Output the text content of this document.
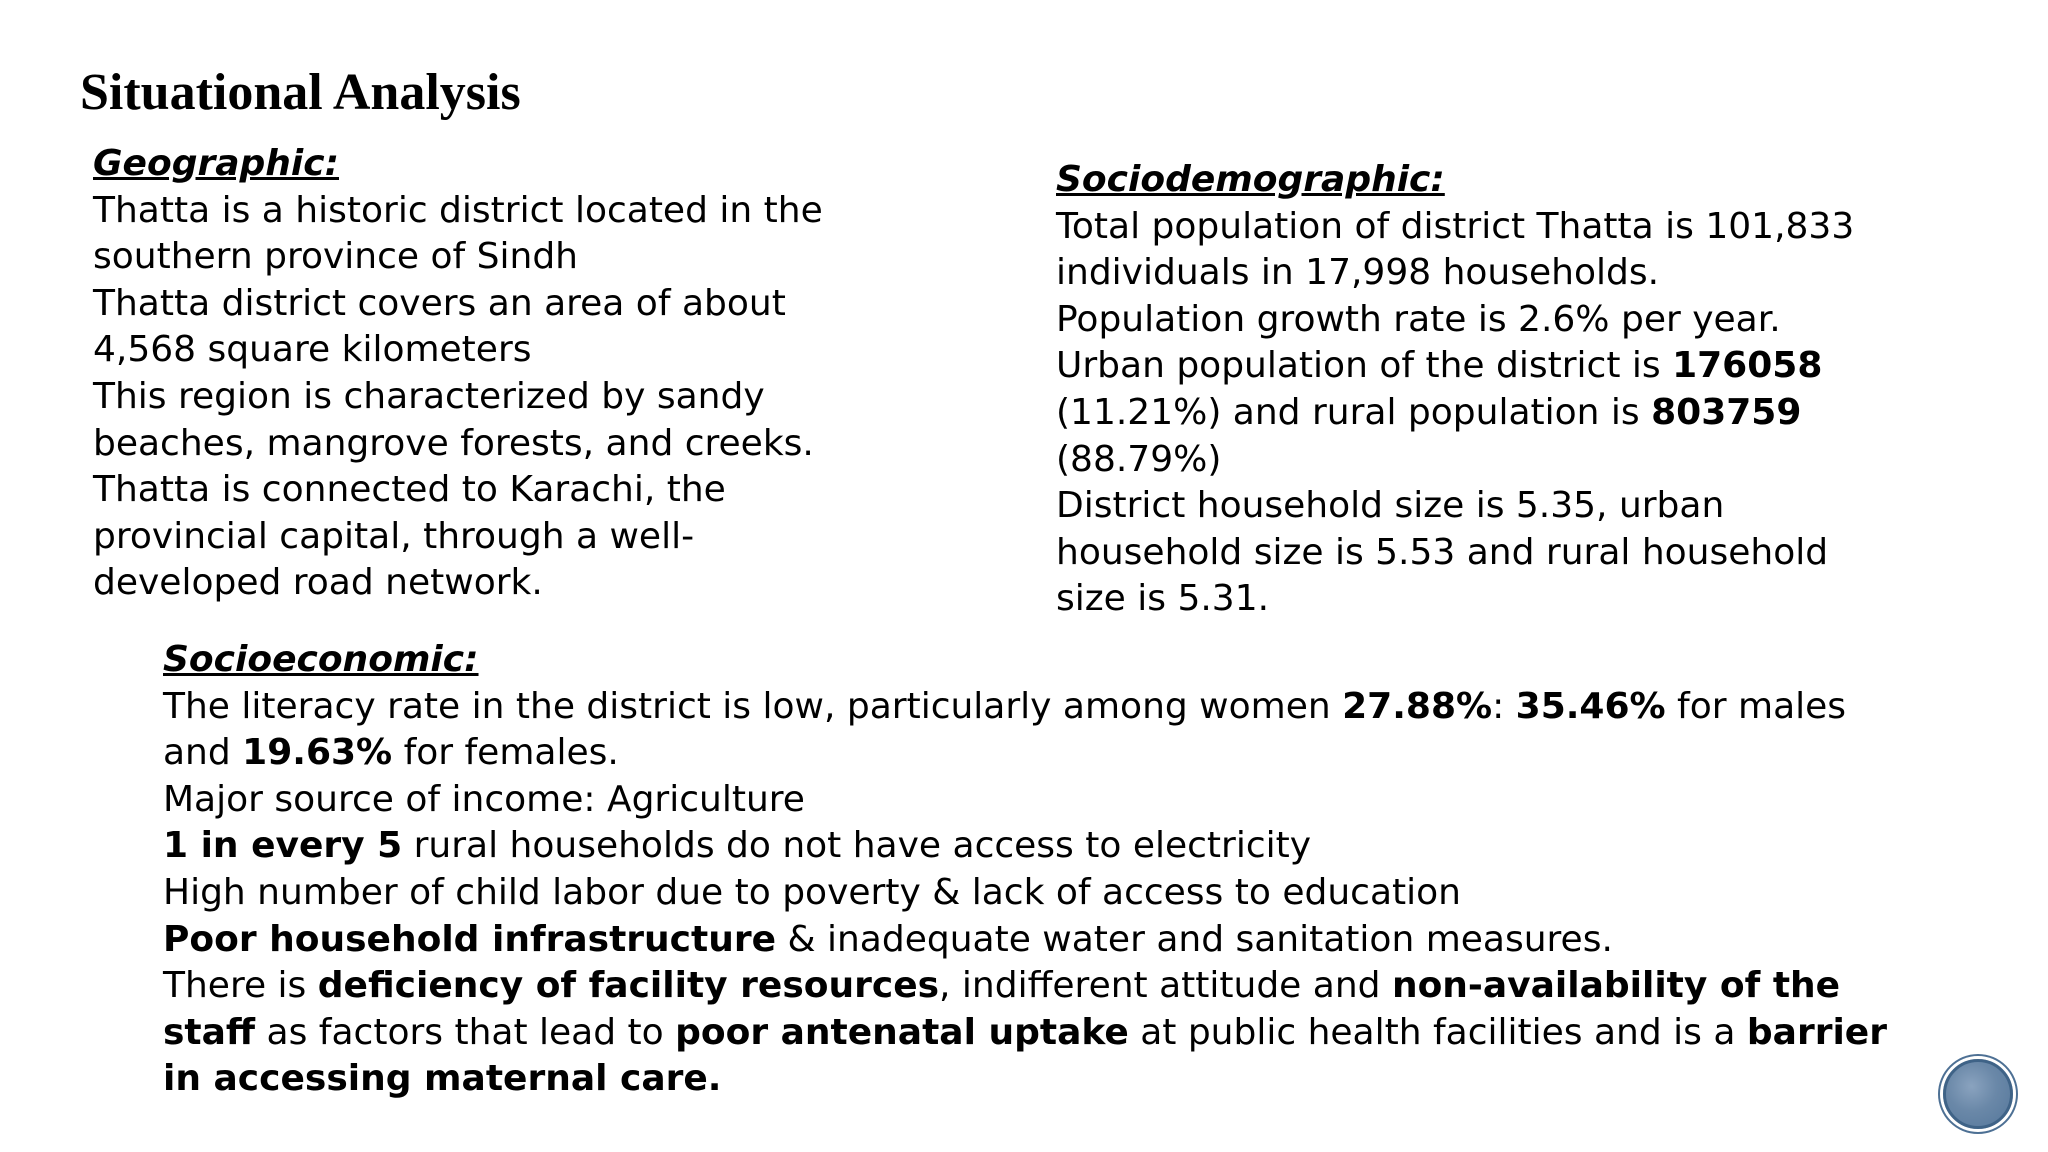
Situational Analysis
Geographic:
Thatta is a historic district located in the
southern province of Sindh
Thatta district covers an area of about
4,568 square kilometers
This region is characterized by sandy
beaches, mangrove forests, and creeks.
Thatta is connected to Karachi, the
provincial capital, through a well-
developed road network.
Sociodemographic:
Total population of district Thatta is 101,833
individuals in 17,998 households.
Population growth rate is 2.6% per year.
Urban population of the district is 176058
(11.21%) and rural population is 803759
(88.79%)
District household size is 5.35, urban
household size is 5.53 and rural household
size is 5.31.
Socioeconomic:
The literacy rate in the district is low, particularly among women 27.88%: 35.46% for males
and 19.63% for females.
Major source of income: Agriculture
1 in every 5 rural households do not have access to electricity
High number of child labor due to poverty & lack of access to education
Poor household infrastructure & inadequate water and sanitation measures.
There is deficiency of facility resources, indifferent attitude and non-availability of the
staff as factors that lead to poor antenatal uptake at public health facilities and is a barrier
in accessing maternal care.
